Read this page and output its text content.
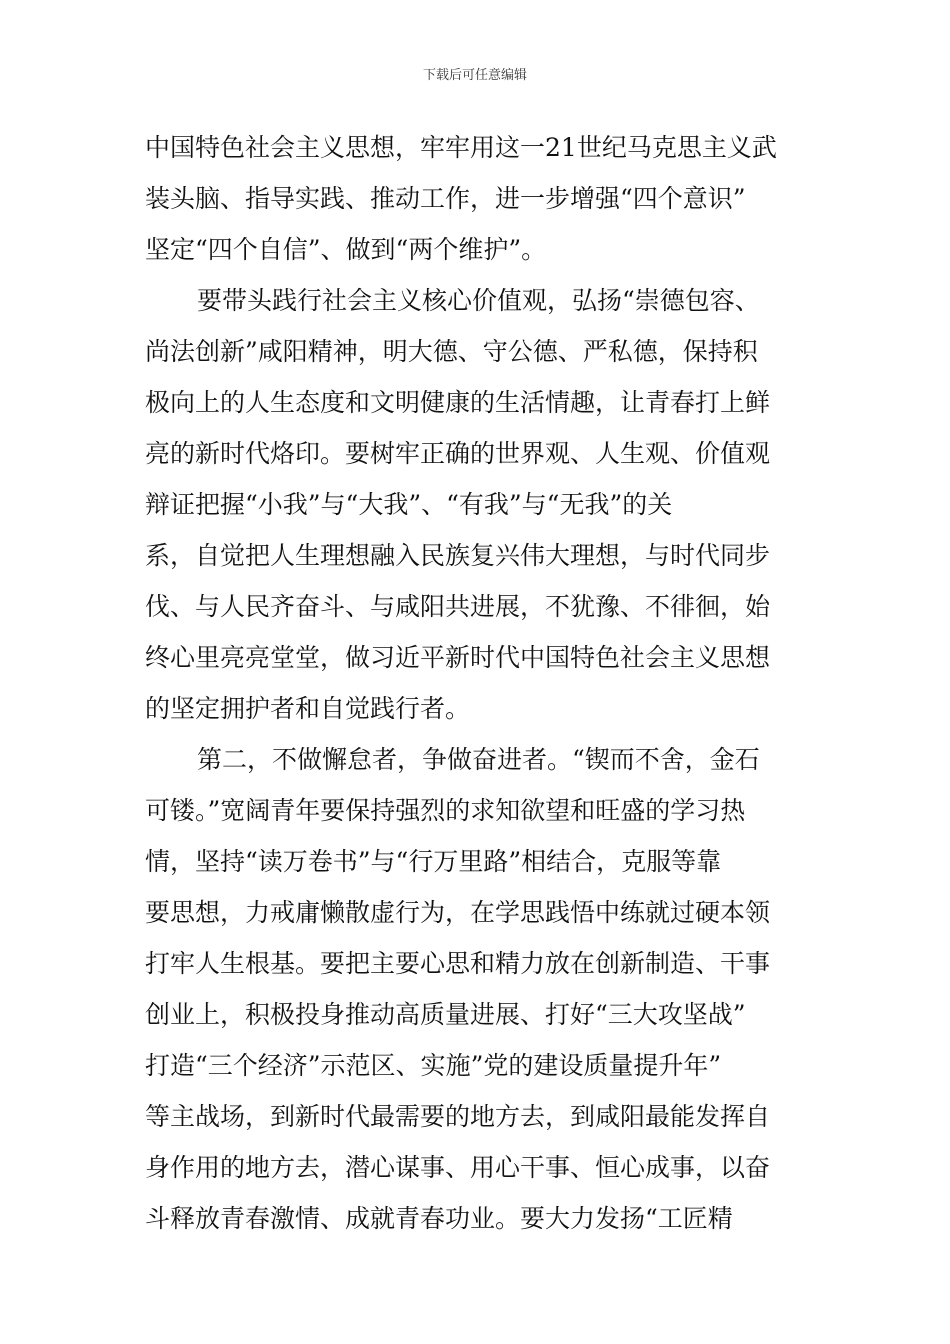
下载后可任意编辑
中国特色社会主义思想，牢牢用这一21世纪马克思主义武
装头脑、指导实践、推动工作，进一步增强“四个意识”
坚定“四个自信”、做到“两个维护”。
要带头践行社会主义核心价值观，弘扬“崇德包容、
尚法创新”咸阳精神，明大德、守公德、严私德，保持积
极向上的人生态度和文明健康的生活情趣，让青春打上鲜
亮的新时代烙印。要树牢正确的世界观、人生观、价值观
辩证把握“小我”与“大我”、“有我”与“无我”的关
系，自觉把人生理想融入民族复兴伟大理想，与时代同步
伐、与人民齐奋斗、与咸阳共进展，不犹豫、不徘徊，始
终心里亮亮堂堂，做习近平新时代中国特色社会主义思想
的坚定拥护者和自觉践行者。
第二，不做懈怠者，争做奋进者。“锲而不舍，金石
可镂。”宽阔青年要保持强烈的求知欲望和旺盛的学习热
情，坚持“读万卷书”与“行万里路”相结合，克服等靠
要思想，力戒庸懒散虚行为，在学思践悟中练就过硬本领
打牢人生根基。要把主要心思和精力放在创新制造、干事
创业上，积极投身推动高质量进展、打好“三大攻坚战”
打造“三个经济”示范区、实施”党的建设质量提升年”
等主战场，到新时代最需要的地方去，到咸阳最能发挥自
身作用的地方去，潜心谋事、用心干事、恒心成事，以奋
斗释放青春激情、成就青春功业。要大力发扬“工匠精
